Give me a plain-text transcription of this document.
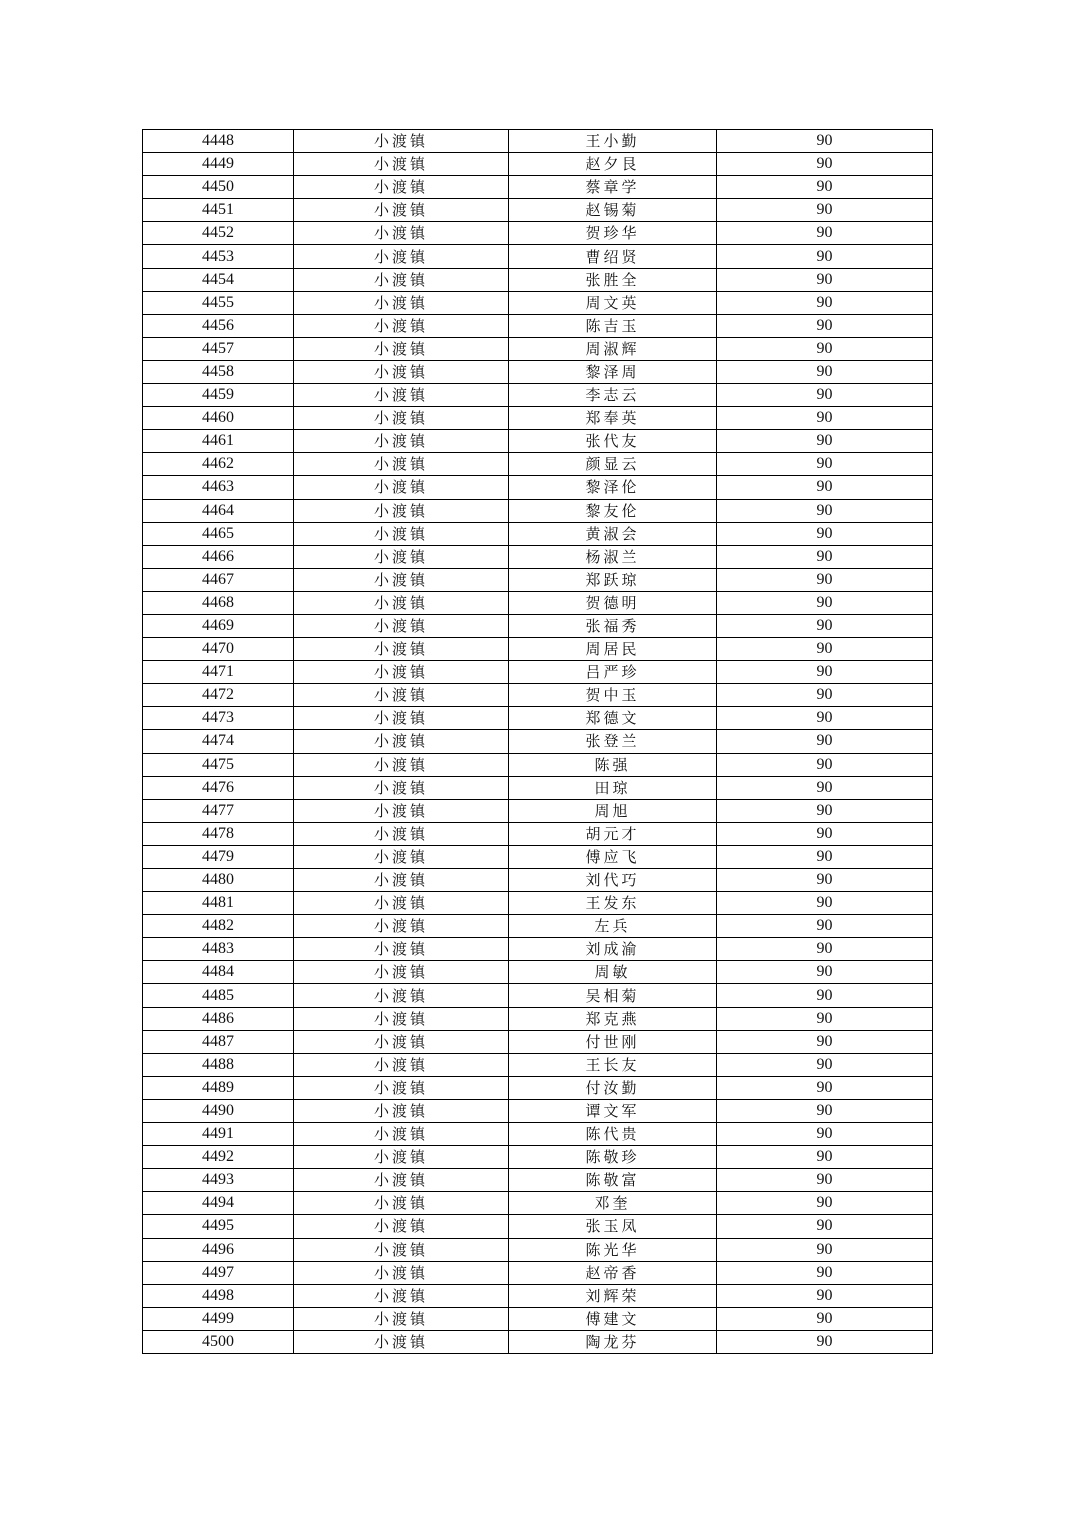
4448	小渡镇	王小勤	90
4449	小渡镇	赵夕艮	90
4450	小渡镇	蔡章学	90
4451	小渡镇	赵锡菊	90
4452	小渡镇	贺珍华	90
4453	小渡镇	曹绍贤	90
4454	小渡镇	张胜全	90
4455	小渡镇	周文英	90
4456	小渡镇	陈吉玉	90
4457	小渡镇	周淑辉	90
4458	小渡镇	黎泽周	90
4459	小渡镇	李志云	90
4460	小渡镇	郑奉英	90
4461	小渡镇	张代友	90
4462	小渡镇	颜显云	90
4463	小渡镇	黎泽伦	90
4464	小渡镇	黎友伦	90
4465	小渡镇	黄淑会	90
4466	小渡镇	杨淑兰	90
4467	小渡镇	郑跃琼	90
4468	小渡镇	贺德明	90
4469	小渡镇	张福秀	90
4470	小渡镇	周居民	90
4471	小渡镇	吕严珍	90
4472	小渡镇	贺中玉	90
4473	小渡镇	郑德文	90
4474	小渡镇	张登兰	90
4475	小渡镇	陈强	90
4476	小渡镇	田琼	90
4477	小渡镇	周旭	90
4478	小渡镇	胡元才	90
4479	小渡镇	傅应飞	90
4480	小渡镇	刘代巧	90
4481	小渡镇	王发东	90
4482	小渡镇	左兵	90
4483	小渡镇	刘成渝	90
4484	小渡镇	周敏	90
4485	小渡镇	吴相菊	90
4486	小渡镇	郑克燕	90
4487	小渡镇	付世刚	90
4488	小渡镇	王长友	90
4489	小渡镇	付汝勤	90
4490	小渡镇	谭文军	90
4491	小渡镇	陈代贵	90
4492	小渡镇	陈敬珍	90
4493	小渡镇	陈敬富	90
4494	小渡镇	邓奎	90
4495	小渡镇	张玉凤	90
4496	小渡镇	陈光华	90
4497	小渡镇	赵帝香	90
4498	小渡镇	刘辉荣	90
4499	小渡镇	傅建文	90
4500	小渡镇	陶龙芬	90
